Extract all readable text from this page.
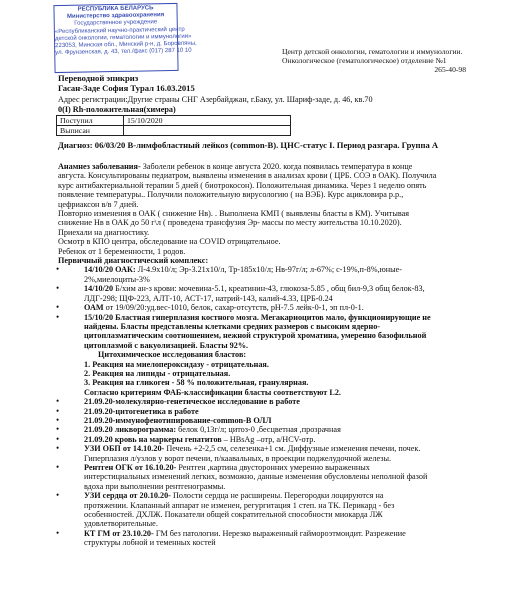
РЕСПУБЛИКА БЕЛАРУСЬ
Министерство здравоохранения
Государственное учреждение
«Республиканский научно-практический центр
детской онкологии, гематологии и иммунологии»
223053, Минская обл., Минский р-н, д. Боровляны,
ул. Фрунзенская, д. 43, тел./факс (017) 287 10 10	Центр детской онкологии, гематологии и иммунологии.
Онкологическое (гематологическое) отделение №1
265-40-98
Переводной эпикриз
Гасан-Заде София Турал 16.03.2015
Адрес регистрации:Другие страны СНГ Азербайджан, г.Баку, ул. Шариф-заде, д. 46, кв.70
0(I) Rh-положительная(химера)
Поступил	15/10/2020
Выписан	
Диагноз: 06/03/20 В-лимфобластный лейкоз (common-B). ЦНС-статус I. Период разгара. Группа А

Анамнез заболевания- Заболели ребенок в конце августа 2020. когда появилась температура в конце

августа. Консультированы педиатром, выявлены изменения в анализах крови ( ЦРБ. СОЭ в ОАК). Получила

курс антибактериальной терапии 5 дней ( биотрокосон). Положительная динамика. Через 1 неделю опять

появление температуры.. Получили положительную вирусологию ( на ВЭБ). Курс ацикловира р.р.,

цефриаксон в/в 7 дней.

Повторно изменения в ОАК ( снижение Нв). . Выполнена КМП ( выявлены бласты в КМ). Учитывая

снижение Нв в ОАК до 50 г\л ( проведена трансфузия Эр- массы по месту жительства 10.10.2020).

Приехали на диагностику.

Осмотр в КПО центра, обследование на COVID отрицательное.

Ребенок от 1 беременности, 1 родов.

Первичный диагностический комплекс:

•	14/10/20 ОАК: Л-4.9х10/л; Эр-3.21х10/л, Тр-185х10/л; Нв-97г/л; л-67%; с-19%,п-8%,юные-

2%,миелоциты-3%

•	14/10/20 Б/хим ан-з крови: мочевина-5.1, креатинин-43, глюкоза-5.85 , общ бил-9,3 общ белок-83,

ЛДГ-298; ЩФ-223, АЛТ-10, АСТ-17, натрий-143, калий-4.33, ЦРБ-0.24

•	ОАМ от 19/09/20:уд.вес-1010, белок, сахар-отсутств, рН-7.5 лейк-0-1, эп пл-0-1.

•	15/10/20 Бластная гиперплазия костного мозга. Мегакариоцитов мало, функционирующие не

найдены. Бласты представлены клетками средних размеров с высоким ядерно-

цитоплазматическим соотношением, нежной структурой хроматина, умеренно базофильной

цитоплазмой с вакуолизацией. Бласты 92%.

Цитохимическое исследования бластов:

1. Реакция на миелопероксидазу - отрицательная.

2. Реакция на липиды - отрицательная.

3. Реакция на гликоген - 58 % положительная, гранулярная.

Согласно критериям ФАБ-классификации бласты соответствуют L2.

•	21.09.20-молекулярно-генетическое исследование в работе

•	21.09.20-цитогенетика в работе

•	21.09.20-иммунофенотипирование-common-B ОЛЛ

•	21.09.20 ликворограмма: белок 0,13г/л; цитоз-0 ,бесцветная ,прозрачная

•	21.09.20 кровь на маркеры гепатитов – НВsАg –отр, а/НСV-отр.

•	УЗИ ОБП от 14.10.20- Печень +2-2,5 см, селезенка+1 см. Диффузные изменения печени, почек.

Гиперплазия л/узлов у ворот печени, п/каавальных, в проекции поджелудочной железы.

•	Рентген ОГК от 16.10.20- Рентген ,картина двусторонних умеренно выраженных

интерстициальных изменений легких, возможно, данные изменения обусловлены неполной фазой

вдоха при выполнении рентгенограммы.

•	УЗИ сердца от 20.10.20- Полости сердца не расширены. Перегородки лоцируются на

протяжении. Клапанный аппарат не изменен, регургитация 1 степ. на ТК. Перикард - без

особенностей. ДХЛЖ. Показатели общей сократительной способности миокарда ЛЖ

удовлетворительные.

•	КТ ГМ от 23.10.20- ГМ без патологии. Нерезко выраженный гаймороэтмоидит. Разрежение

структуры лобной и теменных костей
